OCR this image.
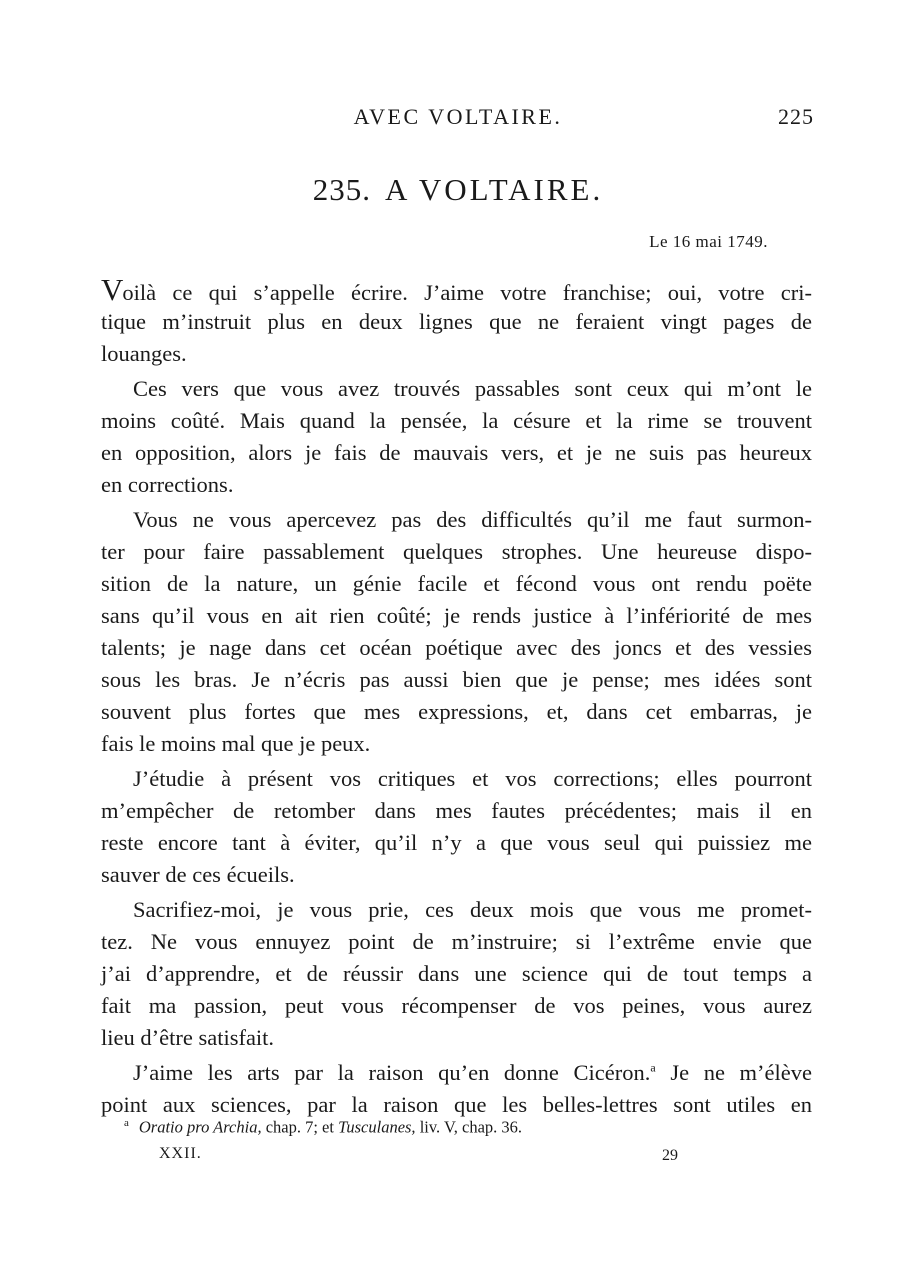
AVEC VOLTAIRE.	225
235. A VOLTAIRE.
Le 16 mai 1749.

Voilà ce qui s’appelle écrire. J’aime votre franchise; oui, votre cri-
tique m’instruit plus en deux lignes que ne feraient vingt pages de
louanges.

Ces vers que vous avez trouvés passables sont ceux qui m’ont le
moins coûté. Mais quand la pensée, la césure et la rime se trouvent
en opposition, alors je fais de mauvais vers, et je ne suis pas heureux
en corrections.

Vous ne vous apercevez pas des difficultés qu’il me faut surmon-
ter pour faire passablement quelques strophes. Une heureuse dispo-
sition de la nature, un génie facile et fécond vous ont rendu poëte
sans qu’il vous en ait rien coûté; je rends justice à l’infériorité de mes
talents; je nage dans cet océan poétique avec des joncs et des vessies
sous les bras. Je n’écris pas aussi bien que je pense; mes idées sont
souvent plus fortes que mes expressions, et, dans cet embarras, je
fais le moins mal que je peux.

J’étudie à présent vos critiques et vos corrections; elles pourront
m’empêcher de retomber dans mes fautes précédentes; mais il en
reste encore tant à éviter, qu’il n’y a que vous seul qui puissiez me
sauver de ces écueils.

Sacrifiez-moi, je vous prie, ces deux mois que vous me promet-
tez. Ne vous ennuyez point de m’instruire; si l’extrême envie que
j’ai d’apprendre, et de réussir dans une science qui de tout temps a
fait ma passion, peut vous récompenser de vos peines, vous aurez
lieu d’être satisfait.

J’aime les arts par la raison qu’en donne Cicéron.$^a$ Je ne m’élève
point aux sciences, par la raison que les belles-lettres sont utiles en

$^a$ Oratio pro Archia, chap. 7; et Tusculanes, liv. V, chap. 36.
XXII.	29
